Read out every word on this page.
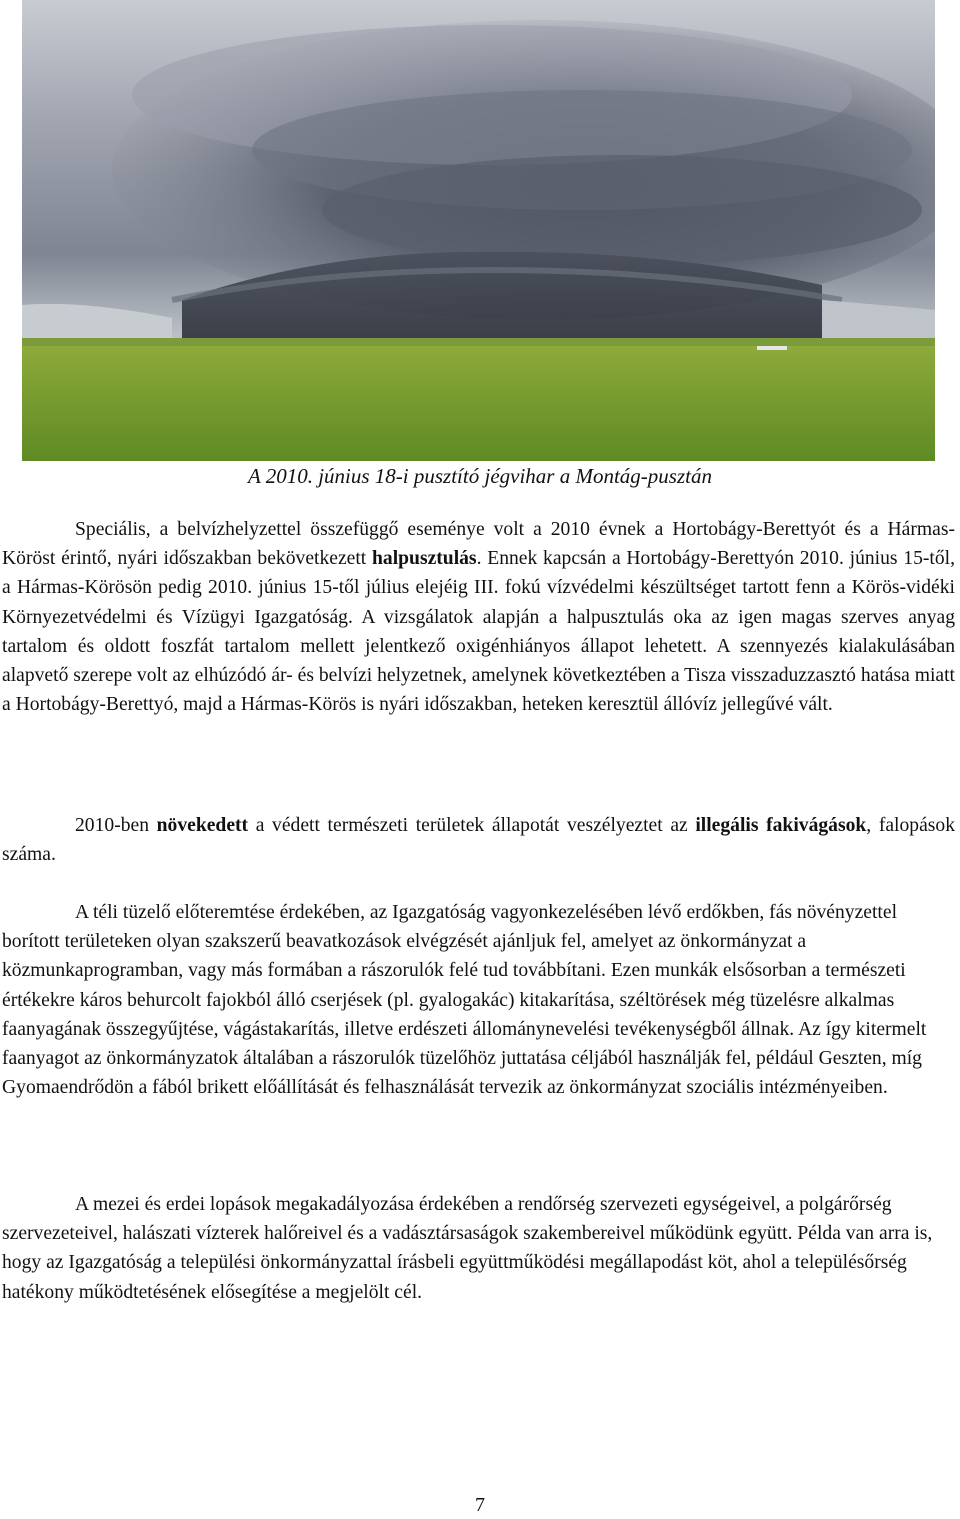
A 2010. június 18-i pusztító jégvihar a Montág-pusztán

Speciális, a belvízhelyzettel összefüggő eseménye volt a 2010 évnek a Hortobágy-Berettyót és a Hármas-Köröst érintő, nyári időszakban bekövetkezett halpusztulás. Ennek kapcsán a Hortobágy-Berettyón 2010. június 15-től, a Hármas-Körösön pedig 2010. június 15-től július elejéig III. fokú vízvédelmi készültséget tartott fenn a Körös-vidéki Környezetvédelmi és Vízügyi Igazgatóság. A vizsgálatok alapján a halpusztulás oka az igen magas szerves anyag tartalom és oldott foszfát tartalom mellett jelentkező oxigénhiányos állapot lehetett. A szennyezés kialakulásában alapvető szerepe volt az elhúzódó ár- és belvízi helyzetnek, amelynek következtében a Tisza visszaduzzasztó hatása miatt a Hortobágy-Berettyó, majd a Hármas-Körös is nyári időszakban, heteken keresztül állóvíz jellegűvé vált.

2010-ben növekedett a védett természeti területek állapotát veszélyeztet az illegális fakivágások, falopások száma.

A téli tüzelő előteremtése érdekében, az Igazgatóság vagyonkezelésében lévő erdőkben, fás növényzettel borított területeken olyan szakszerű beavatkozások elvégzését ajánljuk fel, amelyet az önkormányzat a közmunkaprogramban, vagy más formában a rászorulók felé tud továbbítani. Ezen munkák elsősorban a természeti értékekre káros behurcolt fajokból álló cserjések (pl. gyalogakác) kitakarítása, széltörések még tüzelésre alkalmas faanyagának összegyűjtése, vágástakarítás, illetve erdészeti állománynevelési tevékenységből állnak. Az így kitermelt faanyagot az önkormányzatok általában a rászorulók tüzelőhöz juttatása céljából használják fel, például Geszten, míg Gyomaendrődön a fából brikett előállítását és felhasználását tervezik az önkormányzat szociális intézményeiben.

A mezei és erdei lopások megakadályozása érdekében a rendőrség szervezeti egységeivel, a polgárőrség szervezeteivel, halászati vízterek halőreivel és a vadásztársaságok szakembereivel működünk együtt. Példa van arra is, hogy az Igazgatóság a települési önkormányzattal írásbeli együttműködési megállapodást köt, ahol a településőrség hatékony működtetésének elősegítése a megjelölt cél.

7
